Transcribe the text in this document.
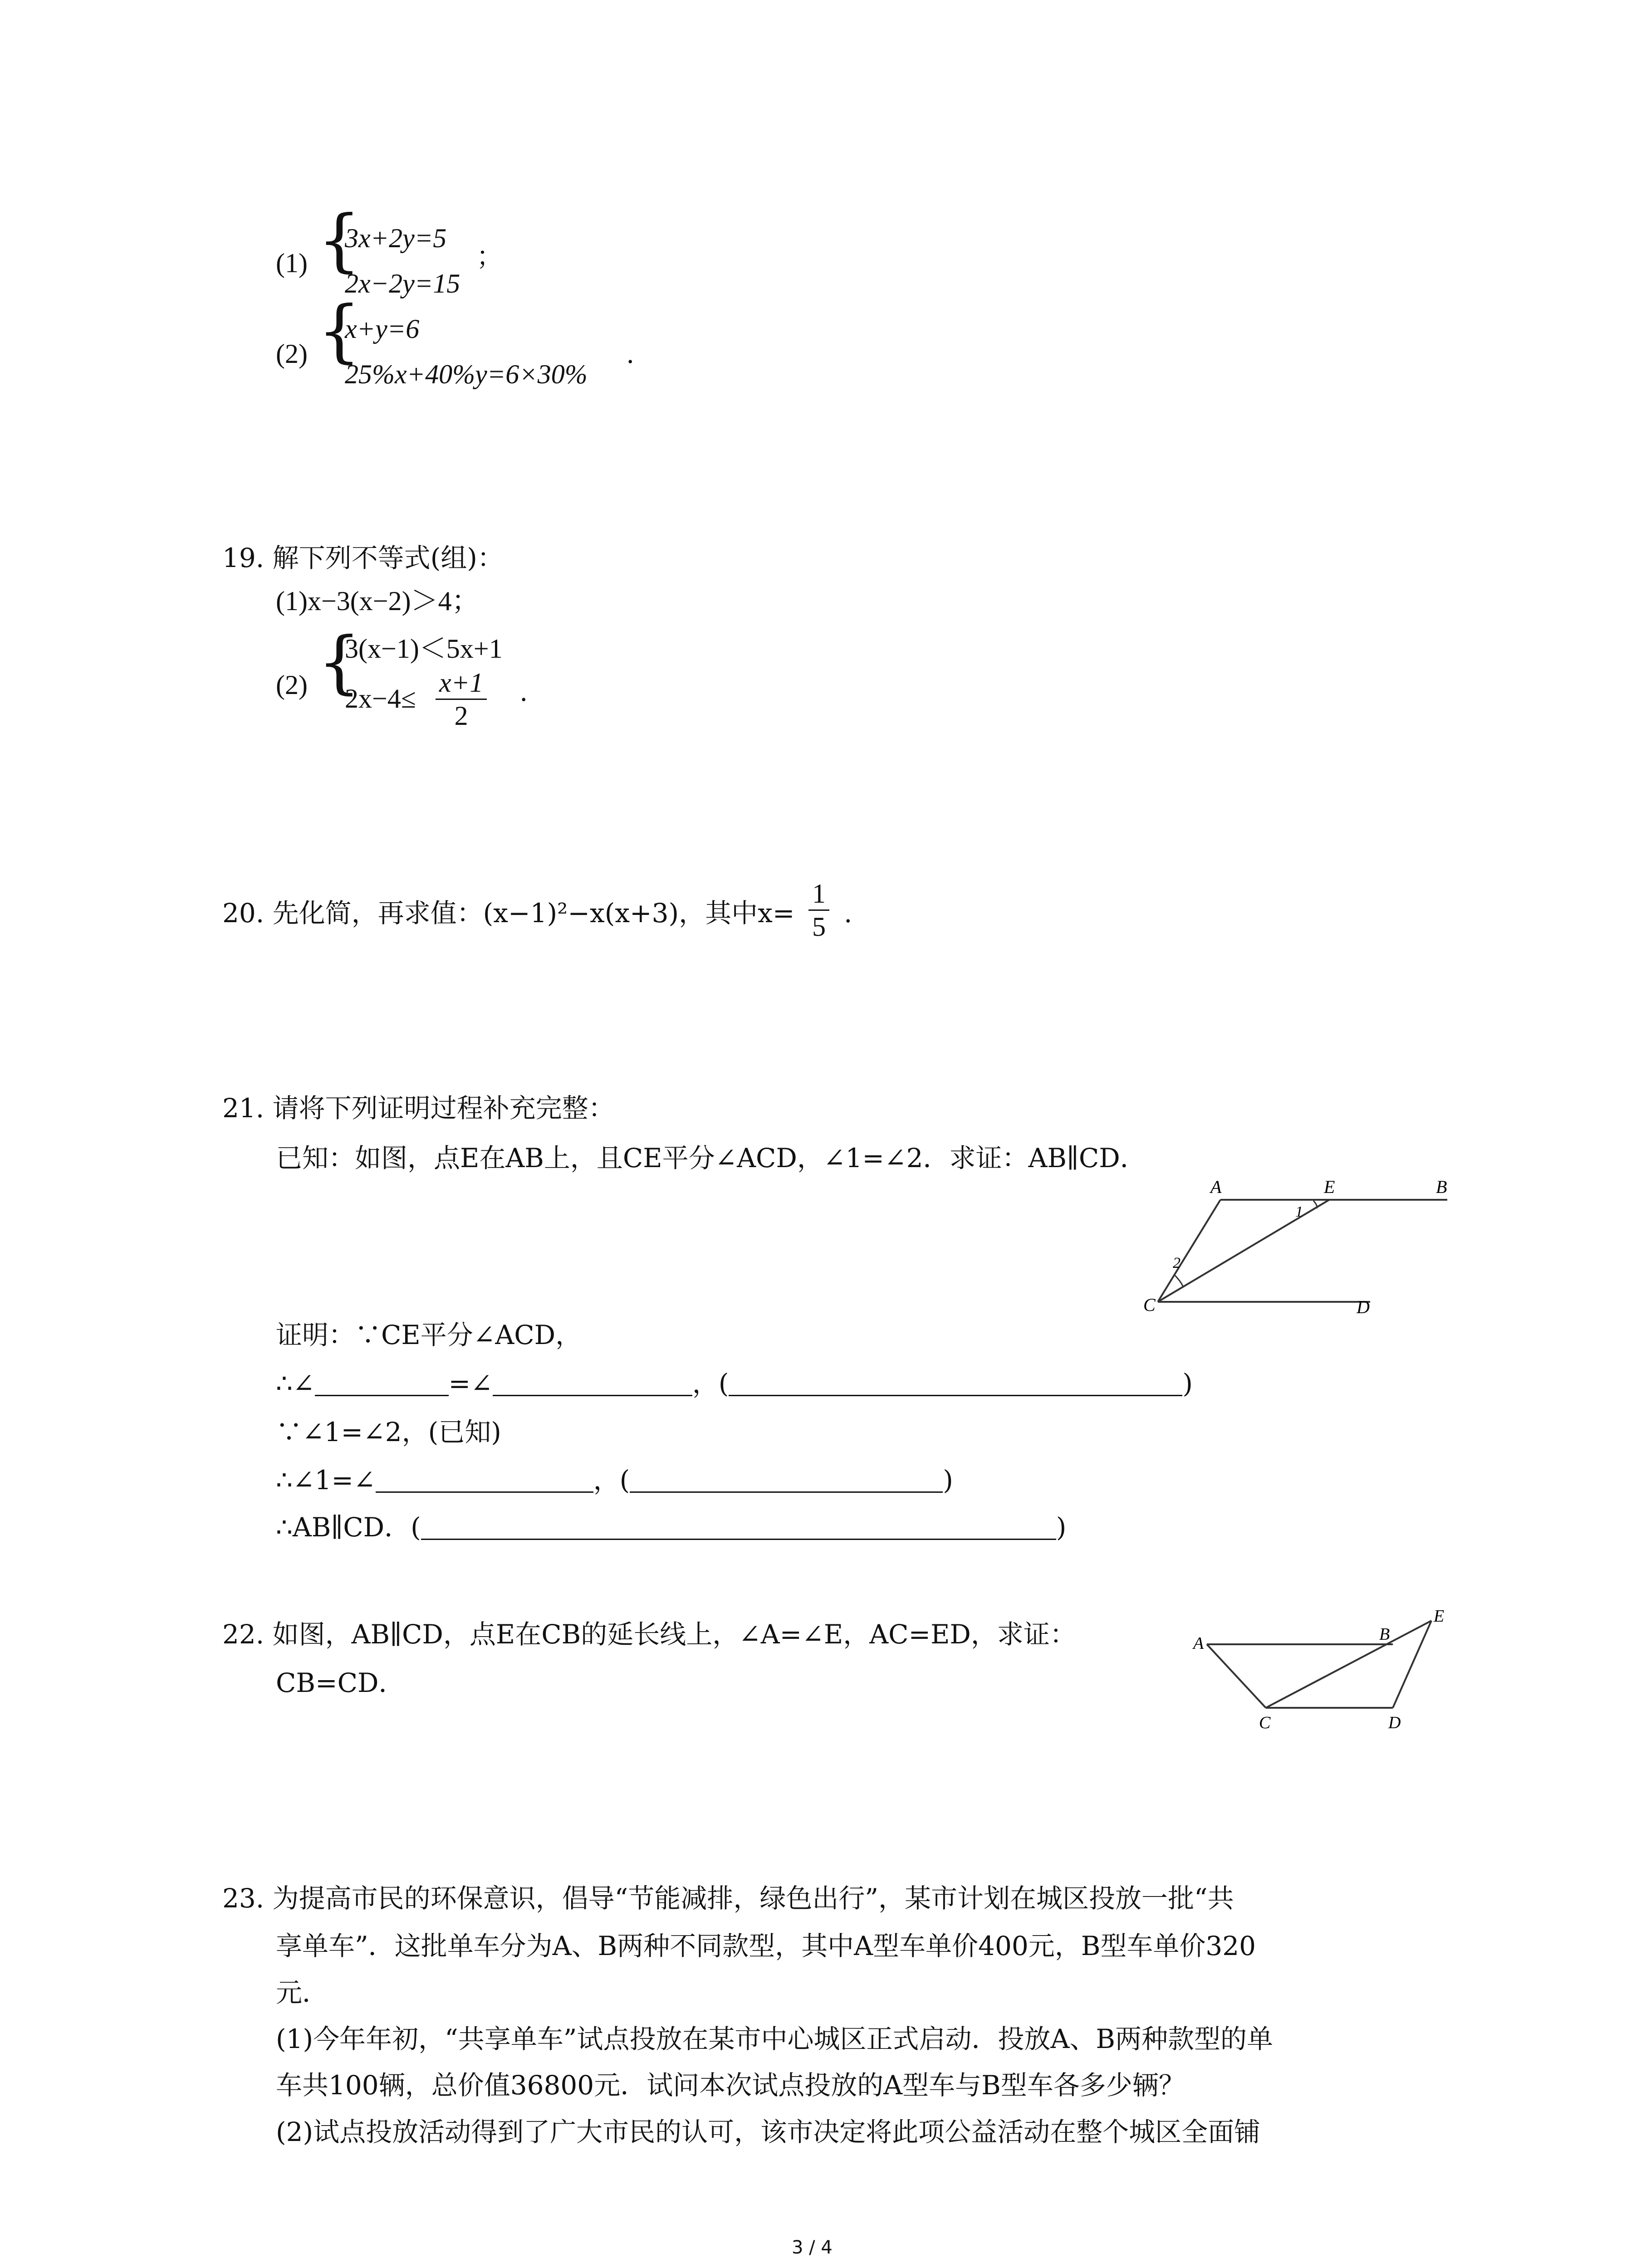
(1) {
3x+2y=5
2x−2y=15
；
(2) {
x+y=6
25%x+40%y=6×30%
.
19. 解下列不等式(组)：
(1)x−3(x−2)＞4；
(2) {
3(x−1)＜5x+1
$2x-4\le \frac{x+1}{2}$ .
20. 先化简，再求值：(x−1)²−x(x+3)，其中$x= \frac{1}{5}$ .
21. 请将下列证明过程补充完整：
已知：如图，点E在AB上，且CE平分∠ACD，∠1=∠2．求证：AB∥CD．
A	E	B
C	D
1
2
证明：∵CE平分∠ACD，
∴∠	=∠	，(	)
∵∠1=∠2，(已知)
∴∠1=∠	，(	)
∴AB∥CD．(	)
22. 如图，AB∥CD，点E在CB的延长线上，∠A=∠E，AC=ED，求证：
CB=CD．
A	B
E
C	D
23. 为提高市民的环保意识，倡导“节能减排，绿色出行”，某市计划在城区投放一批“共
享单车”．这批单车分为A、B两种不同款型，其中A型车单价400元，B型车单价320
元．
(1)今年年初，“共享单车”试点投放在某市中心城区正式启动．投放A、B两种款型的单
车共100辆，总价值36800元．试问本次试点投放的A型车与B型车各多少辆？
(2)试点投放活动得到了广大市民的认可，该市决定将此项公益活动在整个城区全面铺
3 / 4
